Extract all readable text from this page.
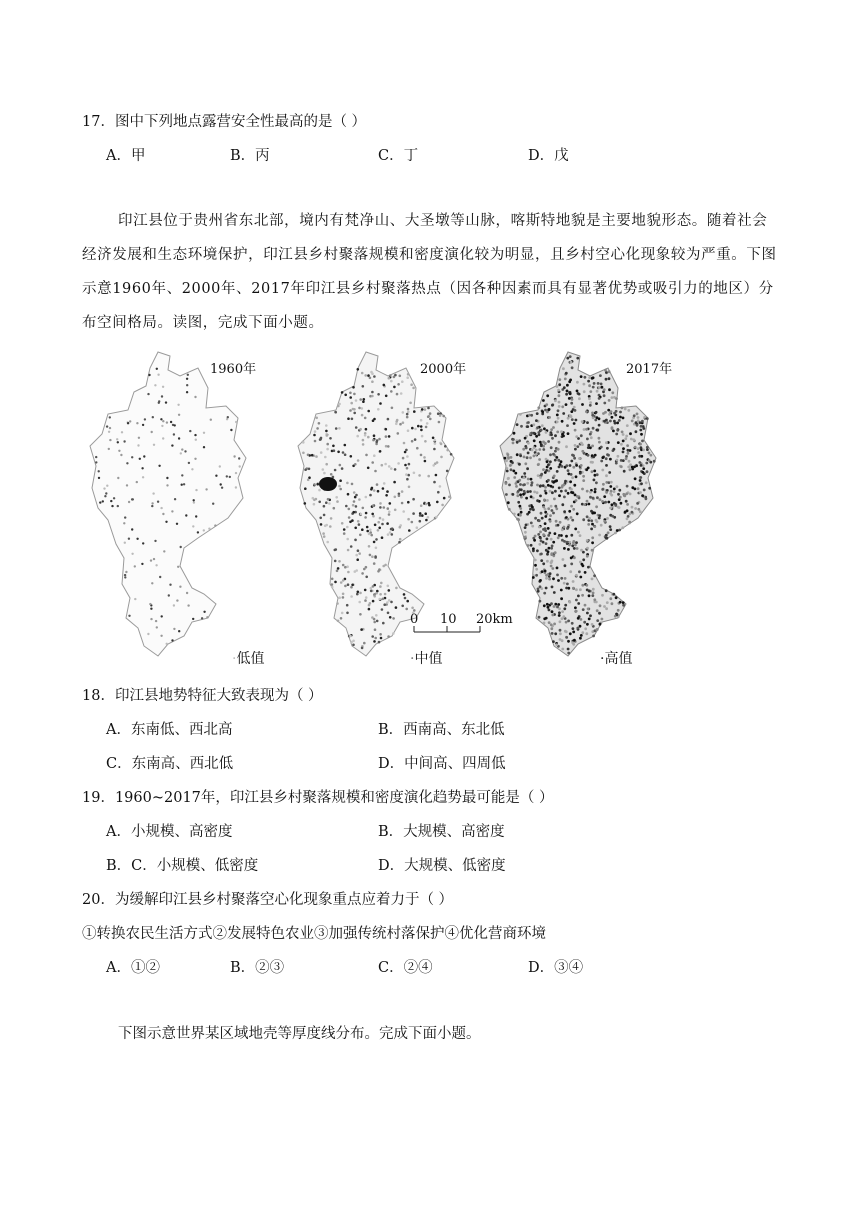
17．图中下列地点露营安全性最高的是（ ）
A．甲	B．丙	C．丁	D．戊
印江县位于贵州省东北部，境内有梵净山、大圣墩等山脉，喀斯特地貌是主要地貌形态。随着社会经济发展和生态环境保护，印江县乡村聚落规模和密度演化较为明显，且乡村空心化现象较为严重。下图示意1960年、2000年、2017年印江县乡村聚落热点（因各种因素而具有显著优势或吸引力的地区）分布空间格局。读图，完成下面小题。
1960年	2000年	2017年
0 10 20km
·低值	·中值	·高值
18．印江县地势特征大致表现为（ ）
A．东南低、西北高	B．西南高、东北低
C．东南高、西北低	D．中间高、四周低
19．1960~2017年，印江县乡村聚落规模和密度演化趋势最可能是（ ）
A．小规模、高密度	B．大规模、高密度
B．C．小规模、低密度	D．大规模、低密度
20．为缓解印江县乡村聚落空心化现象重点应着力于（ ）
①转换农民生活方式②发展特色农业③加强传统村落保护④优化营商环境
A．①②	B．②③	C．②④	D．③④
下图示意世界某区域地壳等厚度线分布。完成下面小题。
